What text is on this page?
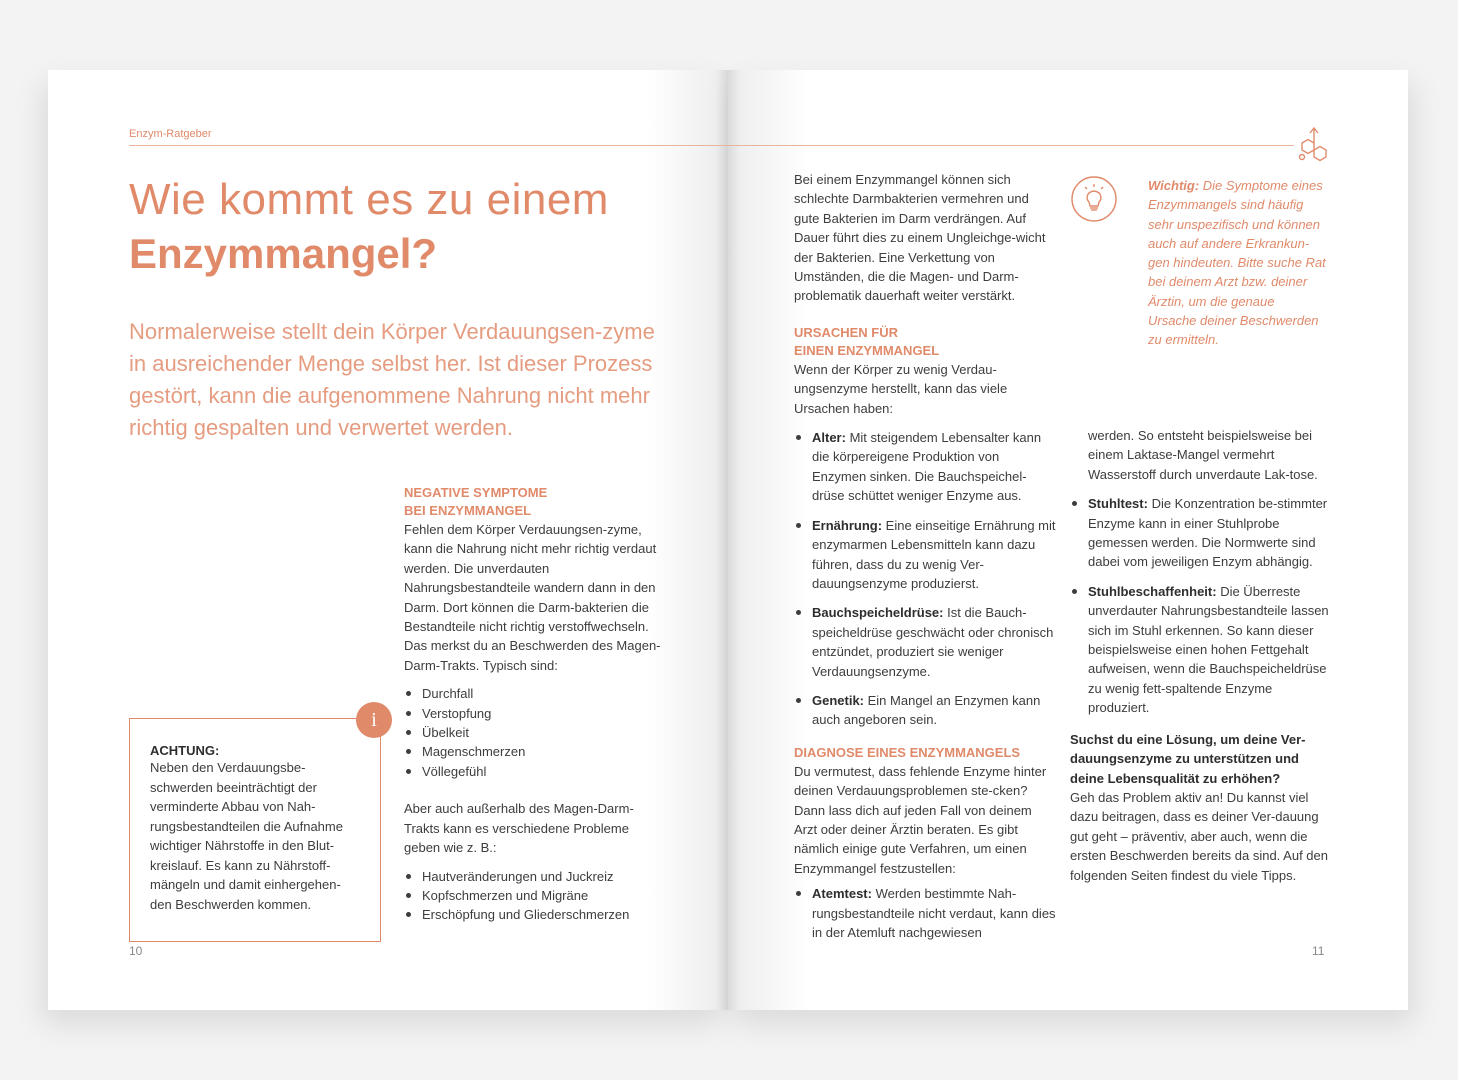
Enzym-Ratgeber
Wie kommt es zu einem
Enzymmangel?
Normalerweise stellt dein Körper Verdauungsen-zyme in ausreichender Menge selbst her. Ist dieser Prozess gestört, kann die aufgenommene Nahrung nicht mehr richtig gespalten und verwertet werden.
NEGATIVE SYMPTOME
BEI ENZYMMANGEL

Fehlen dem Körper Verdauungsen-zyme, kann die Nahrung nicht mehr richtig verdaut werden. Die unverdauten Nahrungsbestandteile wandern dann in den Darm. Dort können die Darm-bakterien die Bestandteile nicht richtig verstoffwechseln. Das merkst du an Beschwerden des Magen-Darm-Trakts. Typisch sind:

Durchfall
Verstopfung
Übelkeit
Magenschmerzen
Völlegefühl

Aber auch außerhalb des Magen-Darm-Trakts kann es verschiedene Probleme geben wie z. B.:

Hautveränderungen und Juckreiz
Kopfschmerzen und Migräne
Erschöpfung und Gliederschmerzen
ACHTUNG:
Neben den Verdauungsbe-schwerden beeinträchtigt der verminderte Abbau von Nah-rungsbestandteilen die Aufnahme wichtiger Nährstoffe in den Blut-kreislauf. Es kann zu Nährstoff-mängeln und damit einhergehen-den Beschwerden kommen.
i
10	11

Bei einem Enzymmangel können sich schlechte Darmbakterien vermehren und gute Bakterien im Darm verdrängen. Auf Dauer führt dies zu einem Ungleichge-wicht der Bakterien. Eine Verkettung von Umständen, die die Magen- und Darm-problematik dauerhaft weiter verstärkt.

URSACHEN FÜR
EINEN ENZYMMANGEL

Wenn der Körper zu wenig Verdau-ungsenzyme herstellt, kann das viele Ursachen haben:

Alter: Mit steigendem Lebensalter kann die körpereigene Produktion von Enzymen sinken. Die Bauchspeichel-drüse schüttet weniger Enzyme aus.
Ernährung: Eine einseitige Ernährung mit enzymarmen Lebensmitteln kann dazu führen, dass du zu wenig Ver-dauungsenzyme produzierst.
Bauchspeicheldrüse: Ist die Bauch-speicheldrüse geschwächt oder chronisch entzündet, produziert sie weniger Verdauungsenzyme.
Genetik: Ein Mangel an Enzymen kann auch angeboren sein.
DIAGNOSE EINES ENZYMMANGELS

Du vermutest, dass fehlende Enzyme hinter deinen Verdauungsproblemen ste-cken? Dann lass dich auf jeden Fall von deinem Arzt oder deiner Ärztin beraten. Es gibt nämlich einige gute Verfahren, um einen Enzymmangel festzustellen:

Atemtest: Werden bestimmte Nah-rungsbestandteile nicht verdaut, kann dies in der Atemluft nachgewiesen

werden. So entsteht beispielsweise bei einem Laktase-Mangel vermehrt Wasserstoff durch unverdaute Lak-tose.

Stuhltest: Die Konzentration be-stimmter Enzyme kann in einer Stuhlprobe gemessen werden. Die Normwerte sind dabei vom jeweiligen Enzym abhängig.
Stuhlbeschaffenheit: Die Überreste unverdauter Nahrungsbestandteile lassen sich im Stuhl erkennen. So kann dieser beispielsweise einen hohen Fettgehalt aufweisen, wenn die Bauchspeicheldrüse zu wenig fett-spaltende Enzyme produziert.

Suchst du eine Lösung, um deine Ver-dauungsenzyme zu unterstützen und deine Lebensqualität zu erhöhen?

Geh das Problem aktiv an! Du kannst viel dazu beitragen, dass es deiner Ver-dauung gut geht – präventiv, aber auch, wenn die ersten Beschwerden bereits da sind. Auf den folgenden Seiten findest du viele Tipps.

Wichtig: Die Symptome eines Enzymmangels sind häufig sehr unspezifisch und können auch auf andere Erkrankun-gen hindeuten. Bitte suche Rat bei deinem Arzt bzw. deiner Ärztin, um die genaue Ursache deiner Beschwerden zu ermitteln.
